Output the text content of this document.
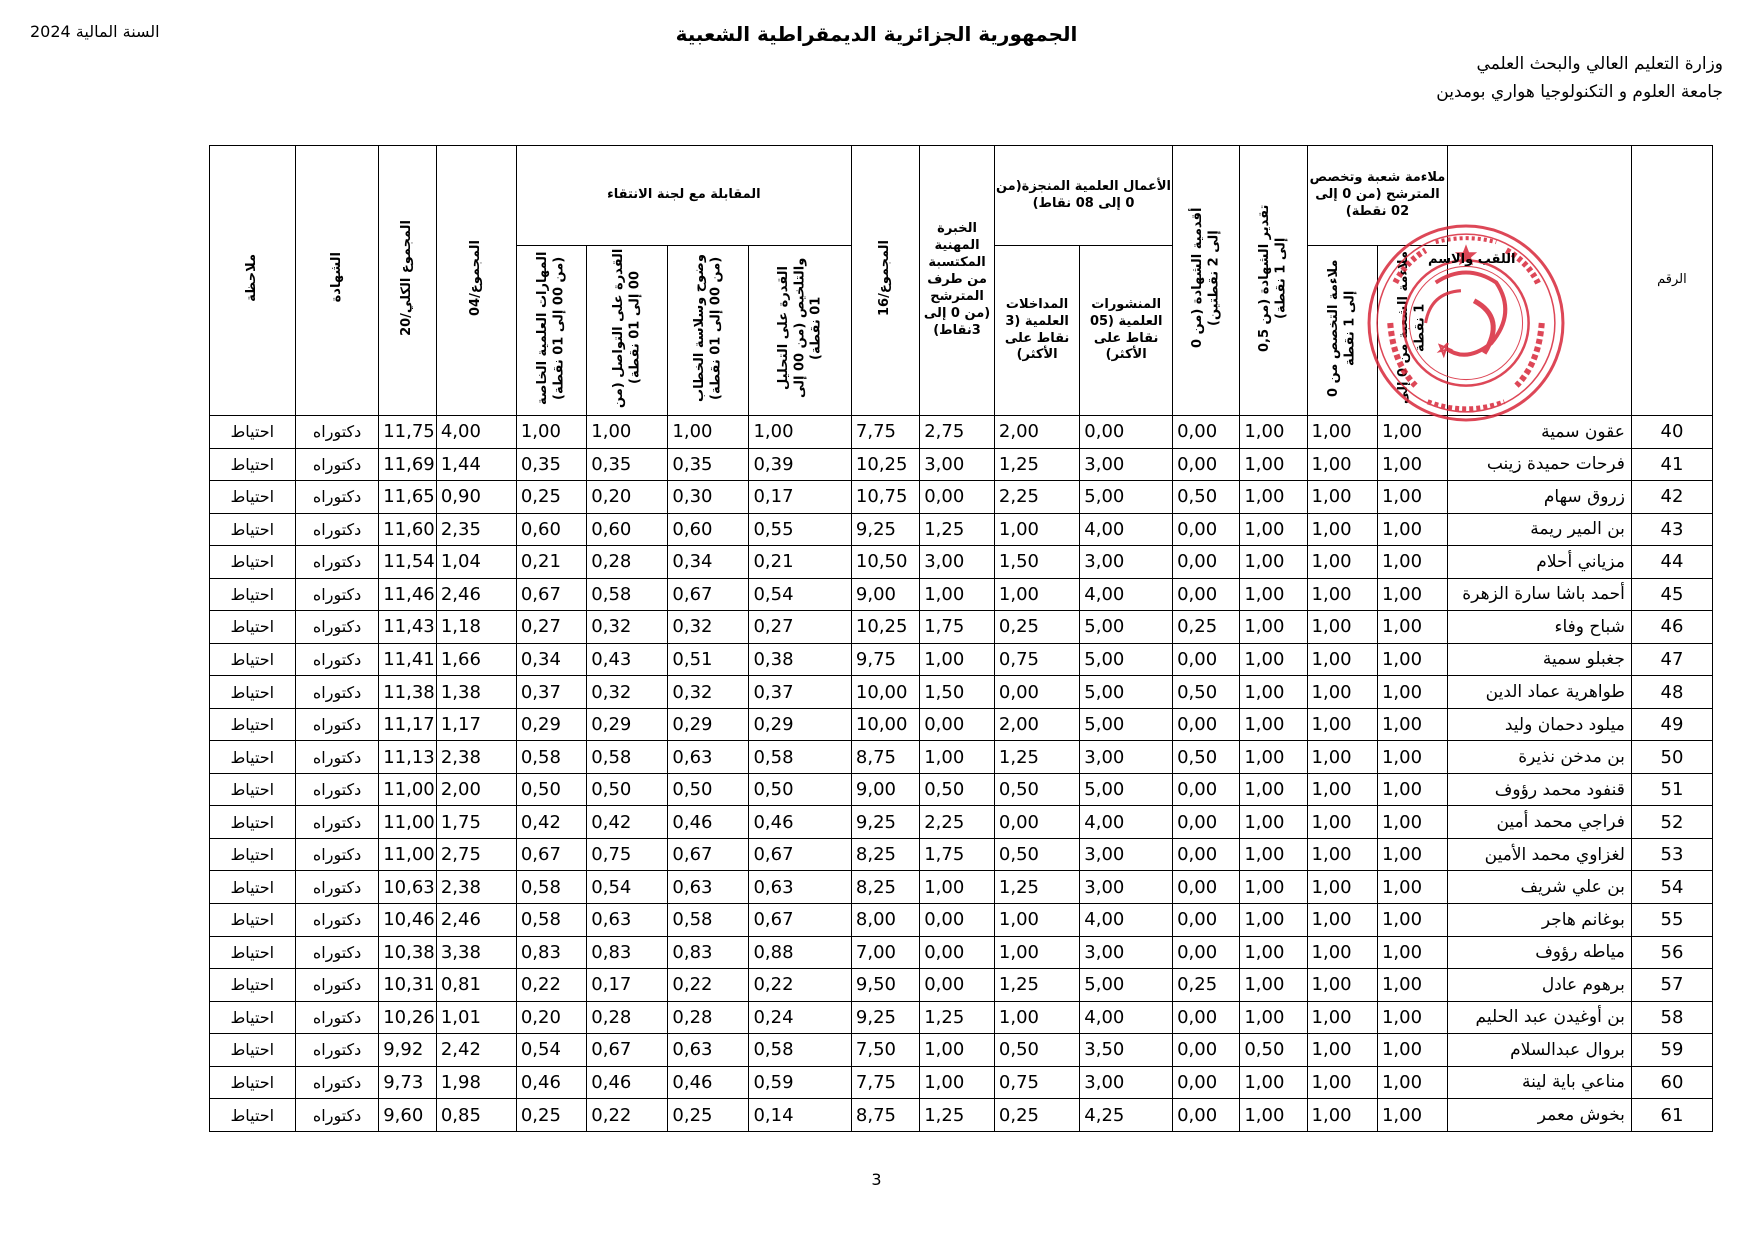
الجمهورية الجزائرية الديمقراطية الشعبية
السنة المالية 2024
وزارة التعليم العالي والبحث العلمي
جامعة العلوم و التكنولوجيا هواري بومدين
الرقم		ملاءمة شعبة وتخصص المترشح (من 0 إلى 02 نقطة)		تقدير الشهادة (من 0,5 إلى 1 نقطة)	أقدمية الشهادة (من 0 إلى 2 نقطتين)	الأعمال العلمية المنجزة(من 0 إلى 08 نقاط)		الخبرة المهنية المكتسبة من طرف المترشح (من 0 إلى 3نقاط)	المجموع/16	المقابلة مع لجنة الانتقاء				المجموع/04	المجموع الكلي/20	الشهادة	ملاحظة
		ملاءمة الشعبة من 0 إلى 1 نقطة	ملاءمة التخصص من 0 إلى 1 نقطة			المنشورات العلمية (05 نقاط على الأكثر)	المداخلات العلمية (3 نقاط على الأكثر)			القدرة على التحليل والتلخيص (من 00 إلى 01 نقطة)	وضوح وسلاسة الخطاب (من 00 إلى 01 نقطة)	القدرة على التواصل (من 00 إلى 01 نقطة)	المهارات العلمية الخاصة (من 00 إلى 01 نقطة)				
40	عقون سمية	1,00	1,00	1,00	0,00	0,00	2,00	2,75	7,75	1,00	1,00	1,00	1,00	4,00	11,75	دكتوراه	احتياط
41	فرحات حميدة زينب	1,00	1,00	1,00	0,00	3,00	1,25	3,00	10,25	0,39	0,35	0,35	0,35	1,44	11,69	دكتوراه	احتياط
42	زروق سهام	1,00	1,00	1,00	0,50	5,00	2,25	0,00	10,75	0,17	0,30	0,20	0,25	0,90	11,65	دكتوراه	احتياط
43	بن المير ريمة	1,00	1,00	1,00	0,00	4,00	1,00	1,25	9,25	0,55	0,60	0,60	0,60	2,35	11,60	دكتوراه	احتياط
44	مزياني أحلام	1,00	1,00	1,00	0,00	3,00	1,50	3,00	10,50	0,21	0,34	0,28	0,21	1,04	11,54	دكتوراه	احتياط
45	أحمد باشا سارة الزهرة	1,00	1,00	1,00	0,00	4,00	1,00	1,00	9,00	0,54	0,67	0,58	0,67	2,46	11,46	دكتوراه	احتياط
46	شباح وفاء	1,00	1,00	1,00	0,25	5,00	0,25	1,75	10,25	0,27	0,32	0,32	0,27	1,18	11,43	دكتوراه	احتياط
47	جغبلو سمية	1,00	1,00	1,00	0,00	5,00	0,75	1,00	9,75	0,38	0,51	0,43	0,34	1,66	11,41	دكتوراه	احتياط
48	طواهرية عماد الدين	1,00	1,00	1,00	0,50	5,00	0,00	1,50	10,00	0,37	0,32	0,32	0,37	1,38	11,38	دكتوراه	احتياط
49	ميلود دحمان وليد	1,00	1,00	1,00	0,00	5,00	2,00	0,00	10,00	0,29	0,29	0,29	0,29	1,17	11,17	دكتوراه	احتياط
50	بن مدخن نذيرة	1,00	1,00	1,00	0,50	3,00	1,25	1,00	8,75	0,58	0,63	0,58	0,58	2,38	11,13	دكتوراه	احتياط
51	قنفود محمد رؤوف	1,00	1,00	1,00	0,00	5,00	0,50	0,50	9,00	0,50	0,50	0,50	0,50	2,00	11,00	دكتوراه	احتياط
52	فراجي محمد أمين	1,00	1,00	1,00	0,00	4,00	0,00	2,25	9,25	0,46	0,46	0,42	0,42	1,75	11,00	دكتوراه	احتياط
53	لغزاوي محمد الأمين	1,00	1,00	1,00	0,00	3,00	0,50	1,75	8,25	0,67	0,67	0,75	0,67	2,75	11,00	دكتوراه	احتياط
54	بن علي شريف	1,00	1,00	1,00	0,00	3,00	1,25	1,00	8,25	0,63	0,63	0,54	0,58	2,38	10,63	دكتوراه	احتياط
55	بوغانم هاجر	1,00	1,00	1,00	0,00	4,00	1,00	0,00	8,00	0,67	0,58	0,63	0,58	2,46	10,46	دكتوراه	احتياط
56	مياطه رؤوف	1,00	1,00	1,00	0,00	3,00	1,00	0,00	7,00	0,88	0,83	0,83	0,83	3,38	10,38	دكتوراه	احتياط
57	برهوم عادل	1,00	1,00	1,00	0,25	5,00	1,25	0,00	9,50	0,22	0,22	0,17	0,22	0,81	10,31	دكتوراه	احتياط
58	بن أوغيدن عبد الحليم	1,00	1,00	1,00	0,00	4,00	1,00	1,25	9,25	0,24	0,28	0,28	0,20	1,01	10,26	دكتوراه	احتياط
59	بروال عبدالسلام	1,00	1,00	0,50	0,00	3,50	0,50	1,00	7,50	0,58	0,63	0,67	0,54	2,42	9,92	دكتوراه	احتياط
60	مناعي باية لينة	1,00	1,00	1,00	0,00	3,00	0,75	1,00	7,75	0,59	0,46	0,46	0,46	1,98	9,73	دكتوراه	احتياط
61	بخوش معمر	1,00	1,00	1,00	0,00	4,25	0,25	1,25	8,75	0,14	0,25	0,22	0,25	0,85	9,60	دكتوراه	احتياط
اللقب والاسم
3
